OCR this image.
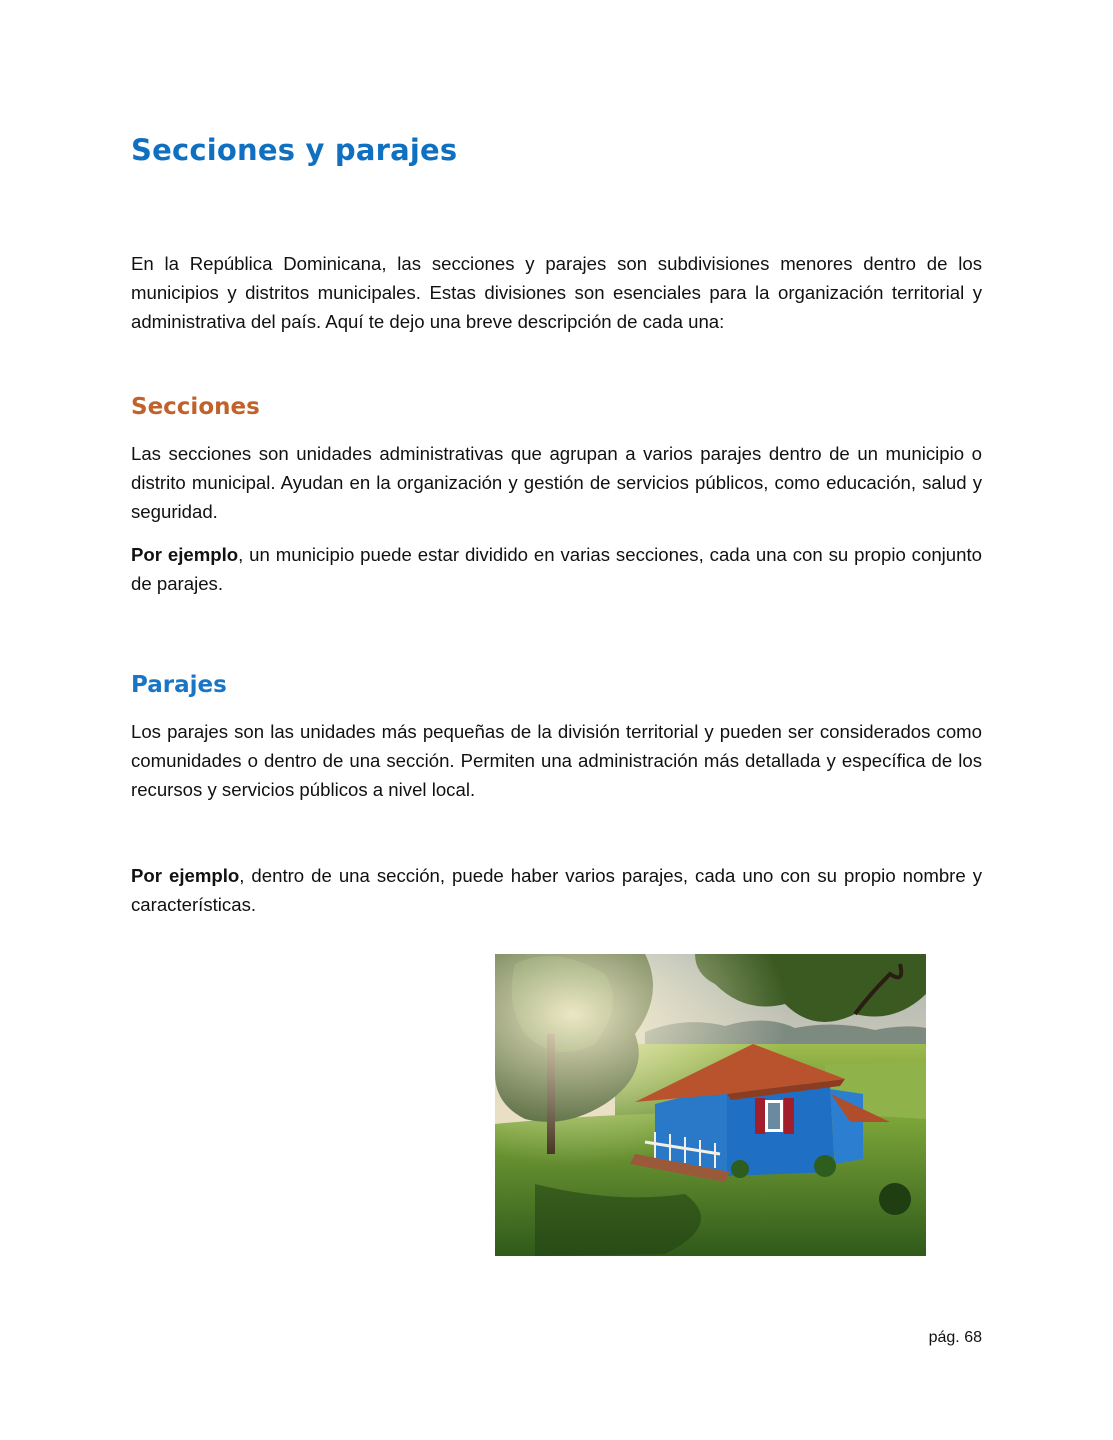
Secciones y parajes

En la República Dominicana, las secciones y parajes son subdivisiones menores dentro de los municipios y distritos municipales. Estas divisiones son esenciales para la organización territorial y administrativa del país. Aquí te dejo una breve descripción de cada una:

Secciones

Las secciones son unidades administrativas que agrupan a varios parajes dentro de un municipio o distrito municipal. Ayudan en la organización y gestión de servicios públicos, como educación, salud y seguridad.

Por ejemplo, un municipio puede estar dividido en varias secciones, cada una con su propio conjunto de parajes.

Parajes

Los parajes son las unidades más pequeñas de la división territorial y pueden ser considerados como comunidades o dentro de una sección. Permiten una administración más detallada y específica de los recursos y servicios públicos a nivel local.

Por ejemplo, dentro de una sección, puede haber varios parajes, cada uno con su propio nombre y características.

pág. 68
